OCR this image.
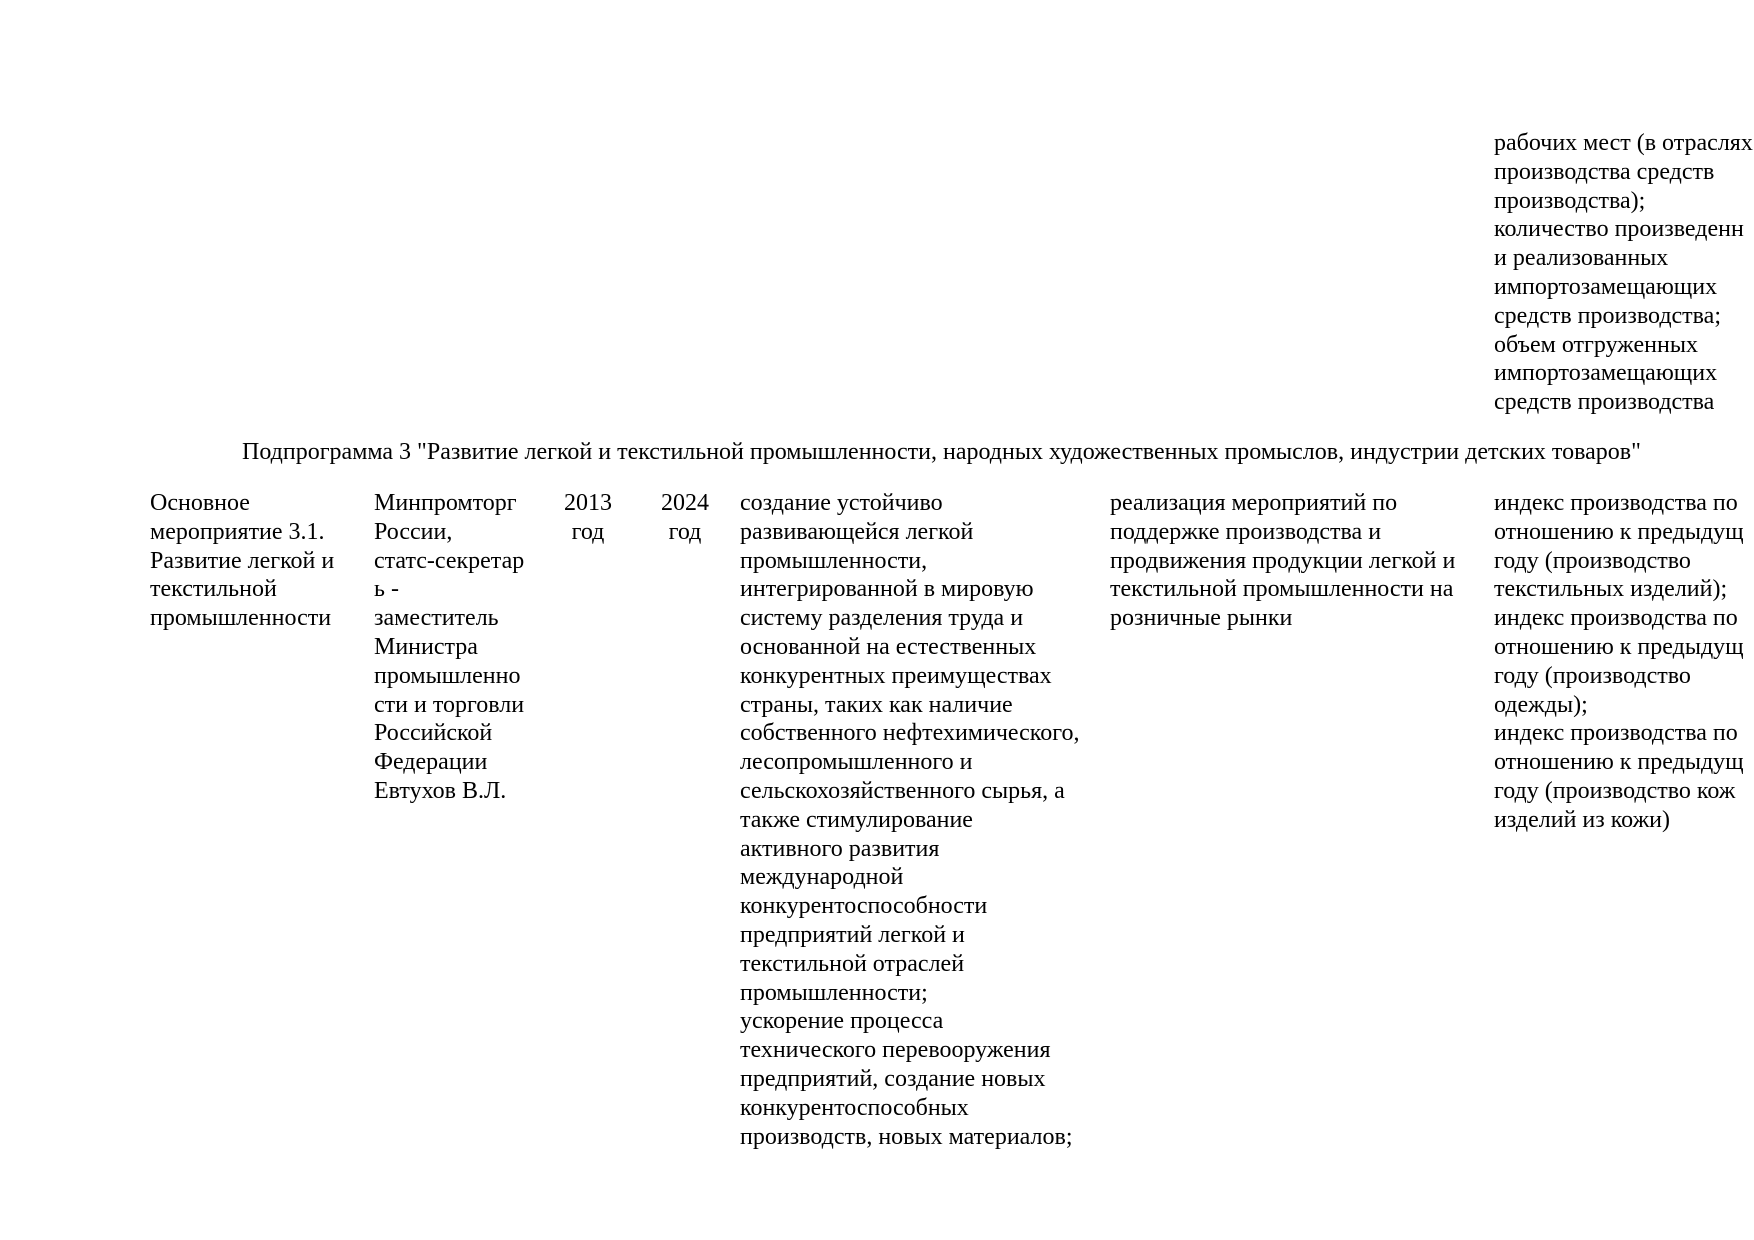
рабочих мест (в отраслях
производства средств
производства);
количество произведенн
и реализованных
импортозамещающих
средств производства;
объем отгруженных
импортозамещающих
средств производства
Подпрограмма 3 "Развитие легкой и текстильной промышленности, народных художественных промыслов, индустрии детских товаров"
Основное
мероприятие 3.1.
Развитие легкой и
текстильной
промышленности
Минпромторг
России,
статс-секретар
ь -
заместитель
Министра
промышленно
сти и торговли
Российской
Федерации
Евтухов В.Л.
2013
год
2024
год
создание устойчиво
развивающейся легкой
промышленности,
интегрированной в мировую
систему разделения труда и
основанной на естественных
конкурентных преимуществах
страны, таких как наличие
собственного нефтехимического,
лесопромышленного и
сельскохозяйственного сырья, а
также стимулирование
активного развития
международной
конкурентоспособности
предприятий легкой и
текстильной отраслей
промышленности;
ускорение процесса
технического перевооружения
предприятий, создание новых
конкурентоспособных
производств, новых материалов;
реализация мероприятий по
поддержке производства и
продвижения продукции легкой и
текстильной промышленности на
розничные рынки
индекс производства по
отношению к предыдущ
году (производство
текстильных изделий);
индекс производства по
отношению к предыдущ
году (производство
одежды);
индекс производства по
отношению к предыдущ
году (производство кож
изделий из кожи)
